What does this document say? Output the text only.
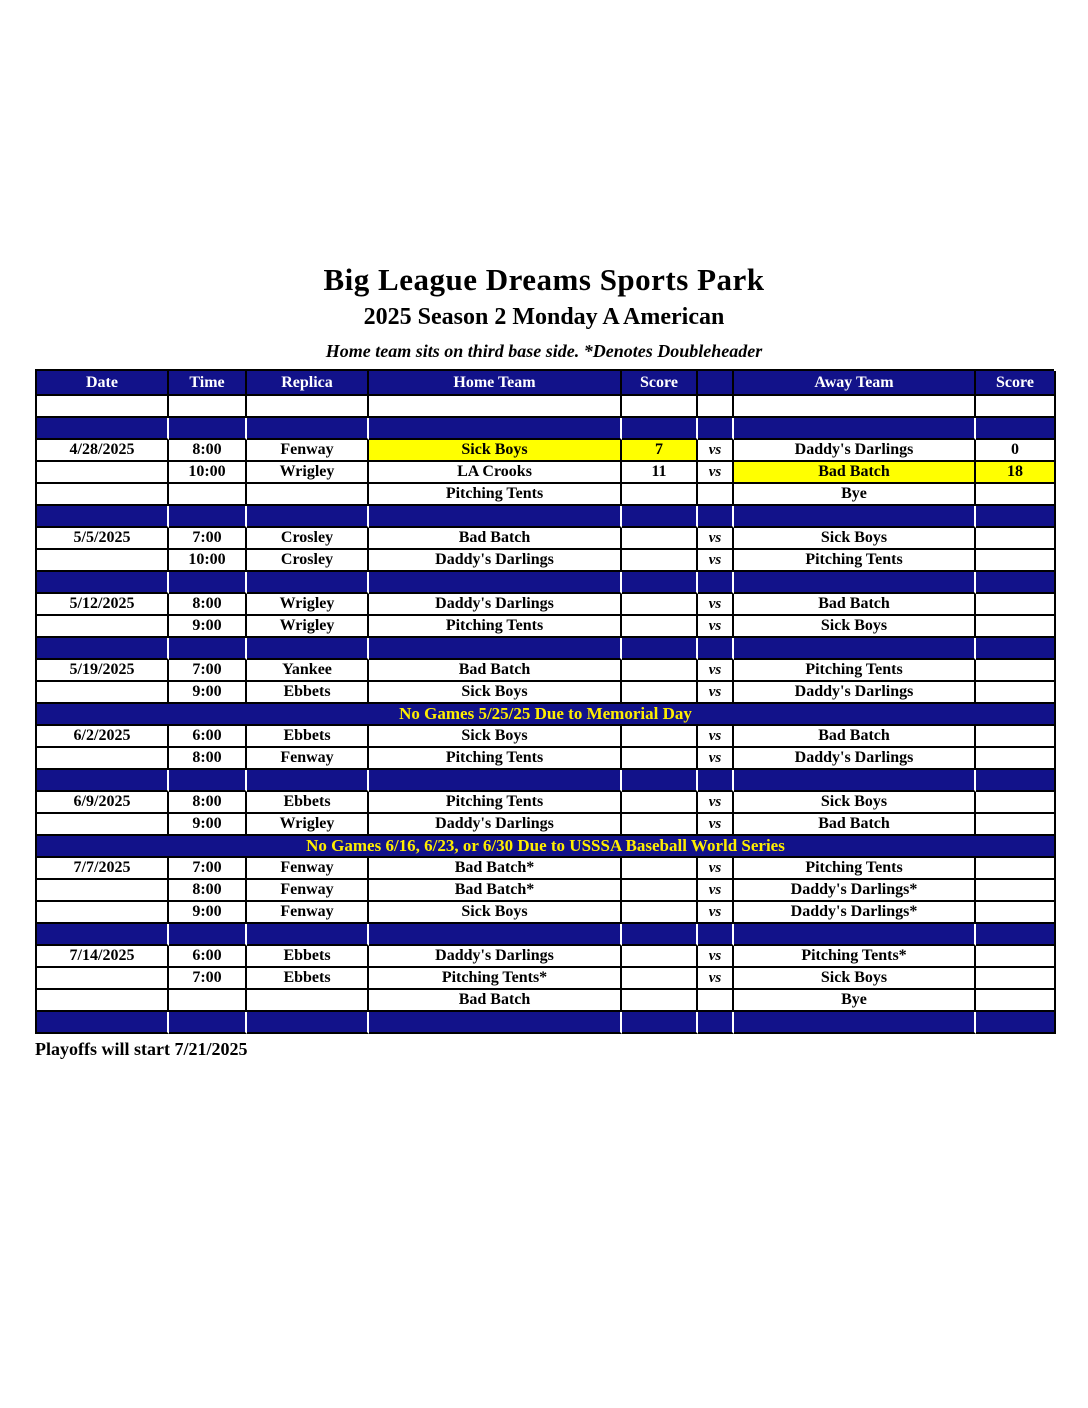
Big League Dreams Sports Park
2025 Season 2 Monday A American
Home team sits on third base side. *Denotes Doubleheader
Date	Time	Replica	Home Team	Score	Away Team	Score
4/28/2025	8:00	Fenway	Sick Boys	7	vs	Daddy's Darlings	0
10:00	Wrigley	LA Crooks	11	vs	Bad Batch	18
Pitching Tents	Bye
5/5/2025	7:00	Crosley	Bad Batch	vs	Sick Boys
10:00	Crosley	Daddy's Darlings	vs	Pitching Tents
5/12/2025	8:00	Wrigley	Daddy's Darlings	vs	Bad Batch
9:00	Wrigley	Pitching Tents	vs	Sick Boys
5/19/2025	7:00	Yankee	Bad Batch	vs	Pitching Tents
9:00	Ebbets	Sick Boys	vs	Daddy's Darlings
No Games 5/25/25 Due to Memorial Day
6/2/2025	6:00	Ebbets	Sick Boys	vs	Bad Batch
8:00	Fenway	Pitching Tents	vs	Daddy's Darlings
6/9/2025	8:00	Ebbets	Pitching Tents	vs	Sick Boys
9:00	Wrigley	Daddy's Darlings	vs	Bad Batch
No Games 6/16, 6/23, or 6/30 Due to USSSA Baseball World Series
7/7/2025	7:00	Fenway	Bad Batch*	vs	Pitching Tents
8:00	Fenway	Bad Batch*	vs	Daddy's Darlings*
9:00	Fenway	Sick Boys	vs	Daddy's Darlings*
7/14/2025	6:00	Ebbets	Daddy's Darlings	vs	Pitching Tents*
7:00	Ebbets	Pitching Tents*	vs	Sick Boys
Bad Batch	Bye
Playoffs will start 7/21/2025
